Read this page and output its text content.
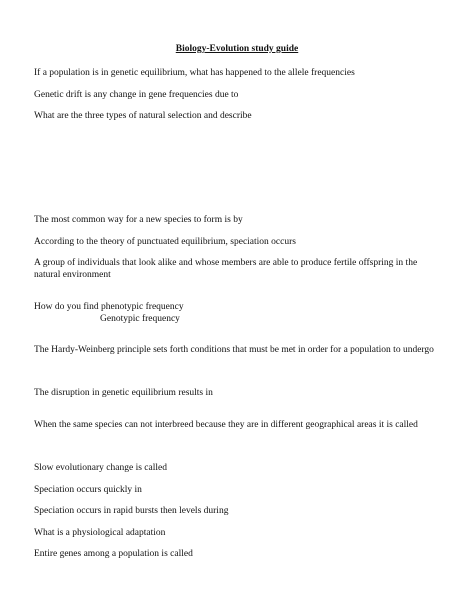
Biology-Evolution study guide
If a population is in genetic equilibrium, what has happened to the allele frequencies
Genetic drift is any change in gene frequencies due to
What are the three types of natural selection and describe
The most common way for a new species to form is by
According to the theory of punctuated equilibrium, speciation occurs
A group of individuals that look alike and whose members are able to produce fertile offspring in the natural environment
How do you find phenotypic frequency
Genotypic frequency
The Hardy-Weinberg principle sets forth conditions that must be met in order for a population to undergo
The disruption in genetic equilibrium results in
When the same species can not interbreed because they are in different geographical areas it is called
Slow evolutionary change is called
Speciation occurs quickly in
Speciation occurs in rapid bursts then levels during
What is a physiological adaptation
Entire genes among a population is called
